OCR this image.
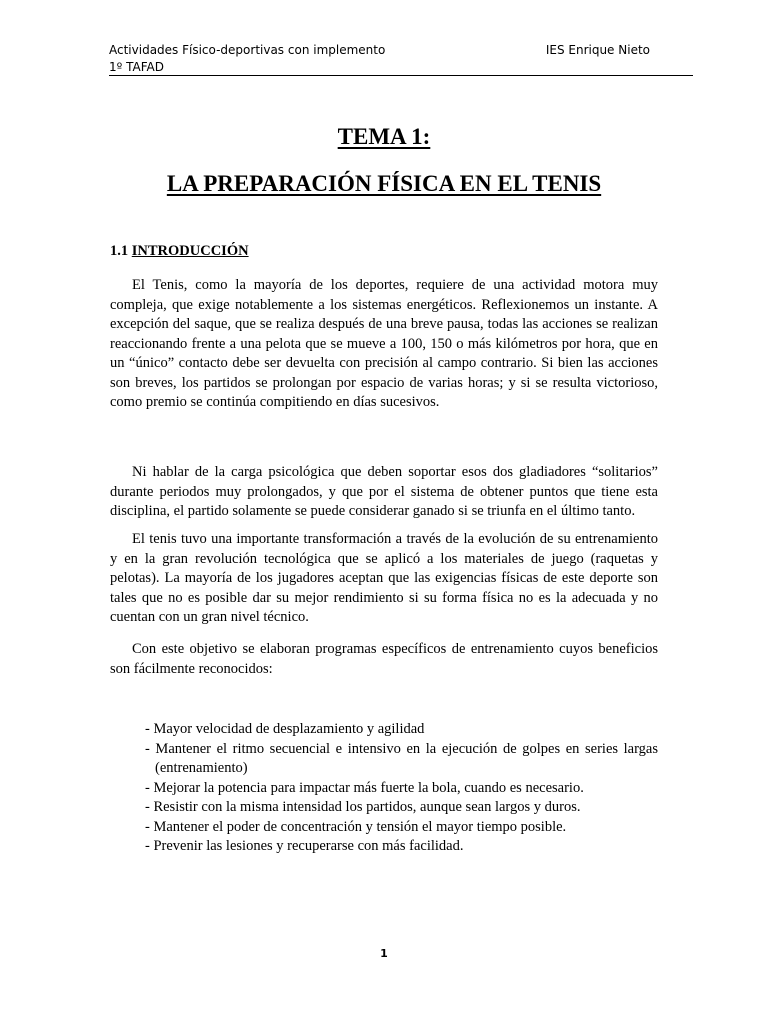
Actividades Físico-deportivas con implemento	IES Enrique Nieto
1º TAFAD
TEMA 1:
LA PREPARACIÓN FÍSICA EN EL TENIS
1.1 INTRODUCCIÓN

El Tenis, como la mayoría de los deportes, requiere de una actividad motora muy compleja, que exige notablemente a los sistemas energéticos. Reflexionemos un instante. A excepción del saque, que se realiza después de una breve pausa, todas las acciones se realizan reaccionando frente a una pelota que se mueve a 100, 150 o más kilómetros por hora, que en un “único” contacto debe ser devuelta con precisión al campo contrario. Si bien las acciones son breves, los partidos se prolongan por espacio de varias horas; y si se resulta victorioso, como premio se continúa compitiendo en días sucesivos.

Ni hablar de la carga psicológica que deben soportar esos dos gladiadores “solitarios” durante periodos muy prolongados, y que por el sistema de obtener puntos que tiene esta disciplina, el partido solamente se puede considerar ganado si se triunfa en el último tanto.

El tenis tuvo una importante transformación a través de la evolución de su entrenamiento y en la gran revolución tecnológica que se aplicó a los materiales de juego (raquetas y pelotas). La mayoría de los jugadores aceptan que las exigencias físicas de este deporte son tales que no es posible dar su mejor rendimiento si su forma física no es la adecuada y no cuentan con un gran nivel técnico.

Con este objetivo se elaboran programas específicos de entrenamiento cuyos beneficios son fácilmente reconocidos:

- Mayor velocidad de desplazamiento y agilidad
- Mantener el ritmo secuencial e intensivo en la ejecución de golpes en series largas (entrenamiento)
- Mejorar la potencia para impactar más fuerte la bola, cuando es necesario.
- Resistir con la misma intensidad los partidos, aunque sean largos y duros.
- Mantener el poder de concentración y tensión el mayor tiempo posible.
- Prevenir las lesiones y recuperarse con más facilidad.
1
